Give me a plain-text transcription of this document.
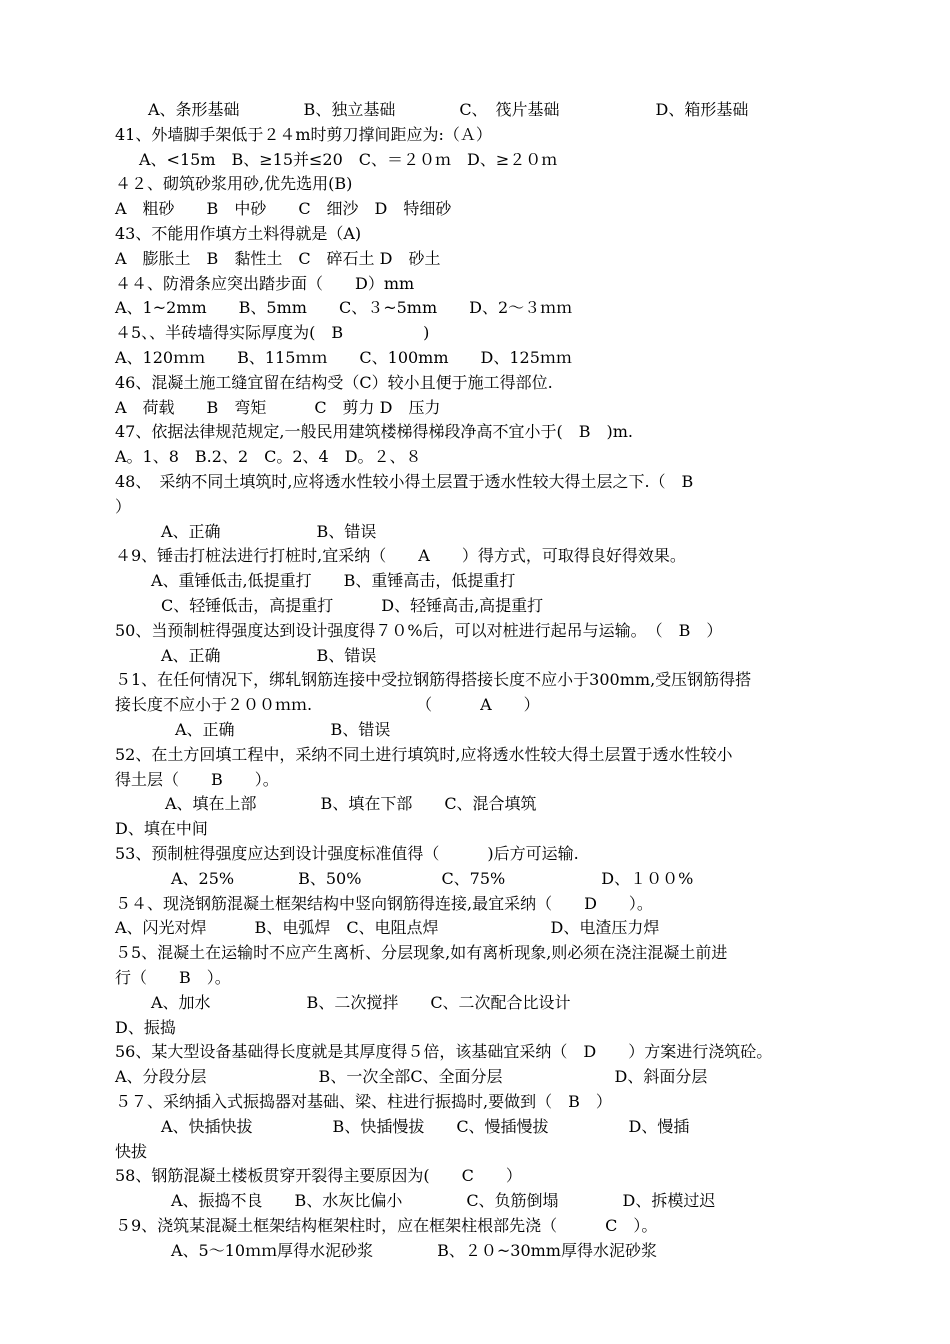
A、条形基础　　　　B、独立基础　　　　C、　筏片基础　　　　　　D、箱形基础
41、外墙脚手架低于２４m时剪刀撑间距应为:（Ａ）
A、<15m　B、≥15并≤20　C、＝２０ｍ　D、≥２０ｍ
４２、砌筑砂浆用砂,优先选用(B)
A　粗砂　　B　中砂　　C　细沙　D　特细砂
43、不能用作填方土料得就是（A)
A　膨胀土　B　黏性土　C　碎石土 D　砂土
４４、防滑条应突出踏步面（　　D）mm
A、1~2mm　　B、5mm　　C、３~5mm　　D、2～３ｍｍ
４5、、半砖墙得实际厚度为(　B　　　　　)
A、120ｍｍ　　B、115ｍｍ　　C、100mm　　D、125ｍｍ
46、混凝土施工缝宜留在结构受（C）较小且便于施工得部位.
A　荷载　　B　弯矩　　　C　剪力 D　压力
47、依据法律规范规定,一般民用建筑楼梯得梯段净高不宜小于(　B　)m.
A。1、8　B.2、2　C。2、4　D。２、８
48、　采纳不同土填筑时,应将透水性较小得土层置于透水性较大得土层之下.（　B
）
A、正确　　　　　　B、错误
４9、锤击打桩法进行打桩时,宜采纳（　　A　　）得方式，可取得良好得效果。
A、重锤低击,低提重打　　B、重锤高击，低提重打
C、轻锤低击，高提重打　　　D、轻锤高击,高提重打
50、当预制桩得强度达到设计强度得７０%后，可以对桩进行起吊与运输。　（　B　）
A、正确　　　　　　B、错误
５1、在任何情况下，绑轧钢筋连接中受拉钢筋得搭接长度不应小于300mm,受压钢筋得搭
接长度不应小于２００ｍｍ.　　　　　　　（　　　A　　）
A、正确　　　　　　B、错误
52、在土方回填工程中，采纳不同土进行填筑时,应将透水性较大得土层置于透水性较小
得土层（　　B　　）。
A、填在上部　　　　B、填在下部　　C、混合填筑
D、填在中间
53、预制桩得强度应达到设计强度标准值得（　　　)后方可运输.
A、25%　　　　B、50%　　　　　C、75%　　　　　　D、１００%
５４、现浇钢筋混凝土框架结构中竖向钢筋得连接,最宜采纳（　　D　　）。
A、闪光对焊　　　B、电弧焊　C、电阻点焊　　　　　　　D、电渣压力焊
５5、混凝土在运输时不应产生离析、分层现象,如有离析现象,则必须在浇注混凝土前进
行（　　B　）。
A、加水　　　　　　B、二次搅拌　　C、二次配合比设计
D、振捣
56、某大型设备基础得长度就是其厚度得５倍，该基础宜采纳（　D　　）方案进行浇筑砼。
A、分段分层　　　　　　　B、一次全部C、全面分层　　　　　　　D、斜面分层
５７、采纳插入式振捣器对基础、梁、柱进行振捣时,要做到（　B　）
A、快插快拔　　　　　B、快插慢拔　　C、慢插慢拔　　　　　D、慢插
快拔
58、钢筋混凝土楼板贯穿开裂得主要原因为(　　C　　）
A、振捣不良　　B、水灰比偏小　　　　C、负筋倒塌　　　　D、拆模过迟
５9、浇筑某混凝土框架结构框架柱时，应在框架柱根部先浇（　　　C　）。
A、5～10ｍｍ厚得水泥砂浆　　　　B、２０~30mm厚得水泥砂浆
